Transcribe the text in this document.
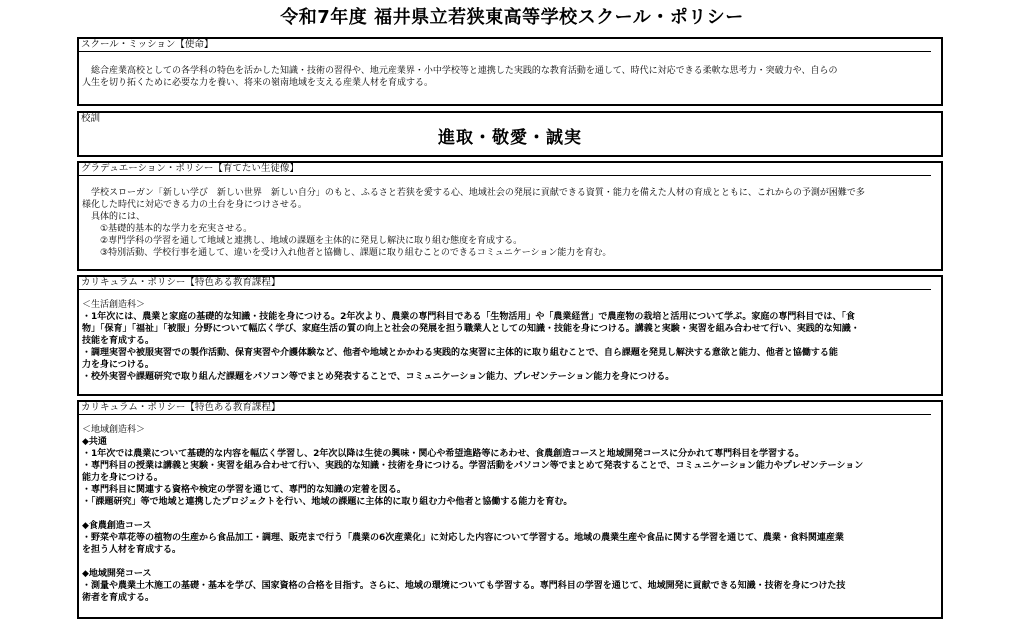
令和7年度 福井県立若狭東高等学校スクール・ポリシー
スクール・ミッション【使命】

　総合産業高校としての各学科の特色を活かした知識・技術の習得や、地元産業界・小中学校等と連携した実践的な教育活動を通して、時代に対応できる柔軟な思考力・突破力や、自らの

人生を切り拓くために必要な力を養い、将来の嶺南地域を支える産業人材を育成する。

校訓
進取・敬愛・誠実
グラデュエーション・ポリシー【育てたい生徒像】

　学校スローガン「新しい学び　新しい世界　新しい自分」のもと、ふるさと若狭を愛する心、地域社会の発展に貢献できる資質・能力を備えた人材の育成とともに、これからの予測が困難で多

様化した時代に対応できる力の土台を身につけさせる。

　具体的には、

　　①基礎的基本的な学力を充実させる。

　　②専門学科の学習を通して地域と連携し、地域の課題を主体的に発見し解決に取り組む態度を育成する。

　　③特別活動、学校行事を通して、違いを受け入れ他者と協働し、課題に取り組むことのできるコミュニケーション能力を育む。

カリキュラム・ポリシー【特色ある教育課程】

＜生活創造科＞

・1年次には、農業と家庭の基礎的な知識・技能を身につける。2年次より、農業の専門科目である「生物活用」や「農業経営」で農産物の栽培と活用について学ぶ。家庭の専門科目では、「食

物」「保育」「福祉」「被服」分野について幅広く学び、家庭生活の質の向上と社会の発展を担う職業人としての知識・技能を身につける。講義と実験・実習を組み合わせて行い、実践的な知識・

技能を育成する。

・調理実習や被服実習での製作活動、保育実習や介護体験など、他者や地域とかかわる実践的な実習に主体的に取り組むことで、自ら課題を発見し解決する意欲と能力、他者と協働する能

力を身につける。

・校外実習や課題研究で取り組んだ課題をパソコン等でまとめ発表することで、コミュニケーション能力、プレゼンテーション能力を身につける。

カリキュラム・ポリシー【特色ある教育課程】

＜地域創造科＞

◆共通

・1年次では農業について基礎的な内容を幅広く学習し、2年次以降は生徒の興味・関心や希望進路等にあわせ、食農創造コースと地域開発コースに分かれて専門科目を学習する。

・専門科目の授業は講義と実験・実習を組み合わせて行い、実践的な知識・技術を身につける。学習活動をパソコン等でまとめて発表することで、コミュニケーション能力やプレゼンテーション

能力を身につける。

・専門科目に関連する資格や検定の学習を通じて、専門的な知識の定着を図る。

・「課題研究」等で地域と連携したプロジェクトを行い、地域の課題に主体的に取り組む力や他者と協働する能力を育む。

◆食農創造コース

・野菜や草花等の植物の生産から食品加工・調理、販売まで行う「農業の6次産業化」に対応した内容について学習する。地域の農業生産や食品に関する学習を通じて、農業・食料関連産業

を担う人材を育成する。

◆地域開発コース

・測量や農業土木施工の基礎・基本を学び、国家資格の合格を目指す。さらに、地域の環境についても学習する。専門科目の学習を通じて、地域開発に貢献できる知識・技術を身につけた技

術者を育成する。
